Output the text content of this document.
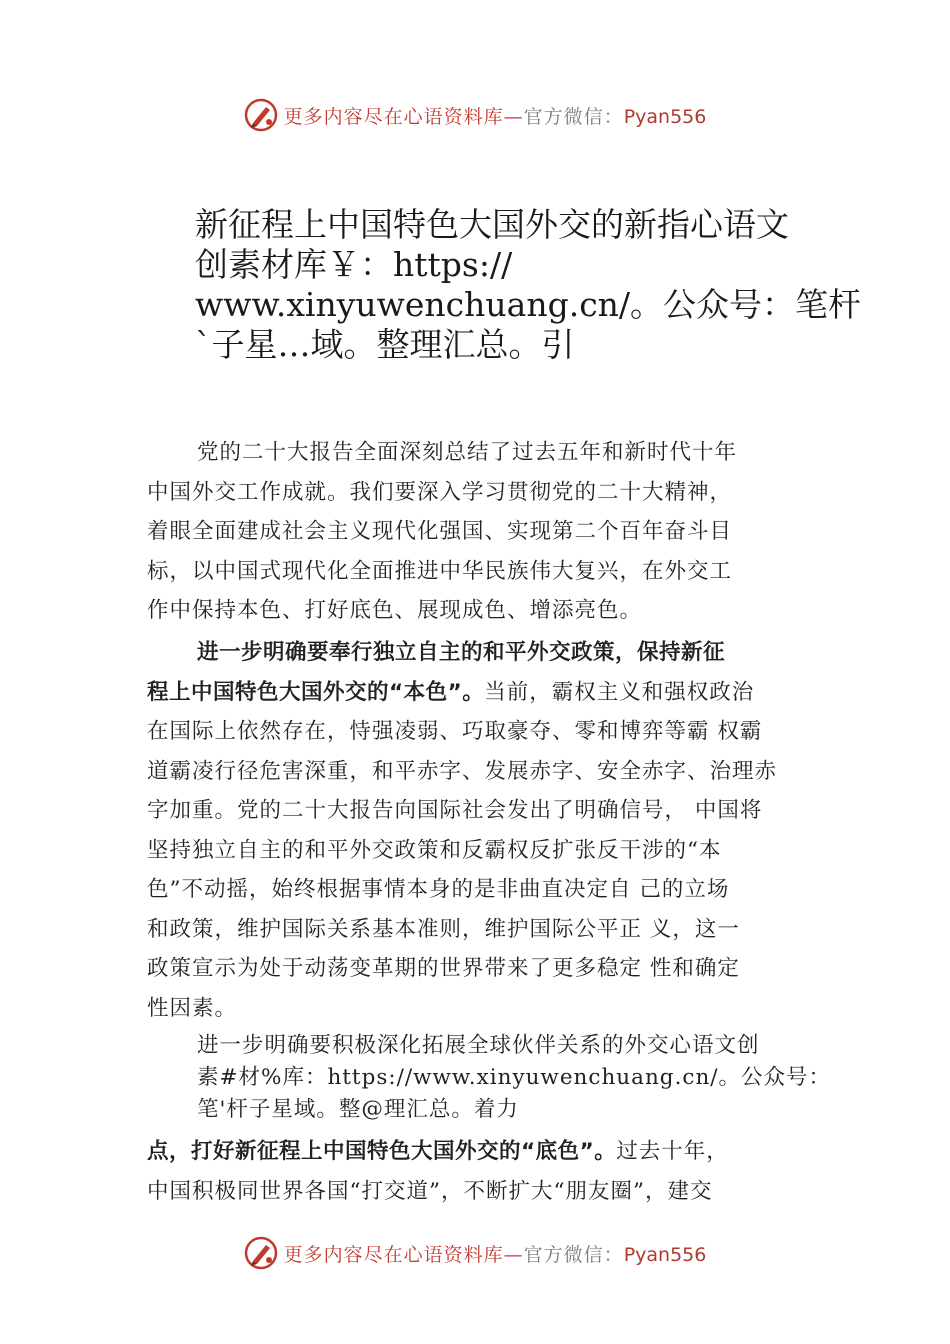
更多内容尽在心语资料库—官方微信：Pyan556
新征程上中国特色大国外交的新指心语文
创素材库￥：https://
www.xinyuwenchuang.cn/。公众号：笔杆
`子星…域。整理汇总。引
党的二十大报告全面深刻总结了过去五年和新时代十年
中国外交工作成就。我们要深入学习贯彻党的二十大精神，
着眼全面建成社会主义现代化强国、实现第二个百年奋斗目
标，以中国式现代化全面推进中华民族伟大复兴，在外交工
作中保持本色、打好底色、展现成色、增添亮色。
进一步明确要奉行独立自主的和平外交政策，保持新征
程上中国特色大国外交的“本色”。当前，霸权主义和强权政治
在国际上依然存在，恃强凌弱、巧取豪夺、零和博弈等霸 权霸
道霸凌行径危害深重，和平赤字、发展赤字、安全赤字、治理赤
字加重。党的二十大报告向国际社会发出了明确信号， 中国将
坚持独立自主的和平外交政策和反霸权反扩张反干涉的“本
色”不动摇，始终根据事情本身的是非曲直决定自 己的立场
和政策，维护国际关系基本准则，维护国际公平正 义，这一
政策宣示为处于动荡变革期的世界带来了更多稳定 性和确定
性因素。
进一步明确要积极深化拓展全球伙伴关系的外交心语文创
素#材%库：https://www.xinyuwenchuang.cn/。公众号：
笔'杆子星域。整@理汇总。着力
点，打好新征程上中国特色大国外交的“底色”。过去十年，
中国积极同世界各国“打交道”，不断扩大“朋友圈”，建交
更多内容尽在心语资料库—官方微信：Pyan556
